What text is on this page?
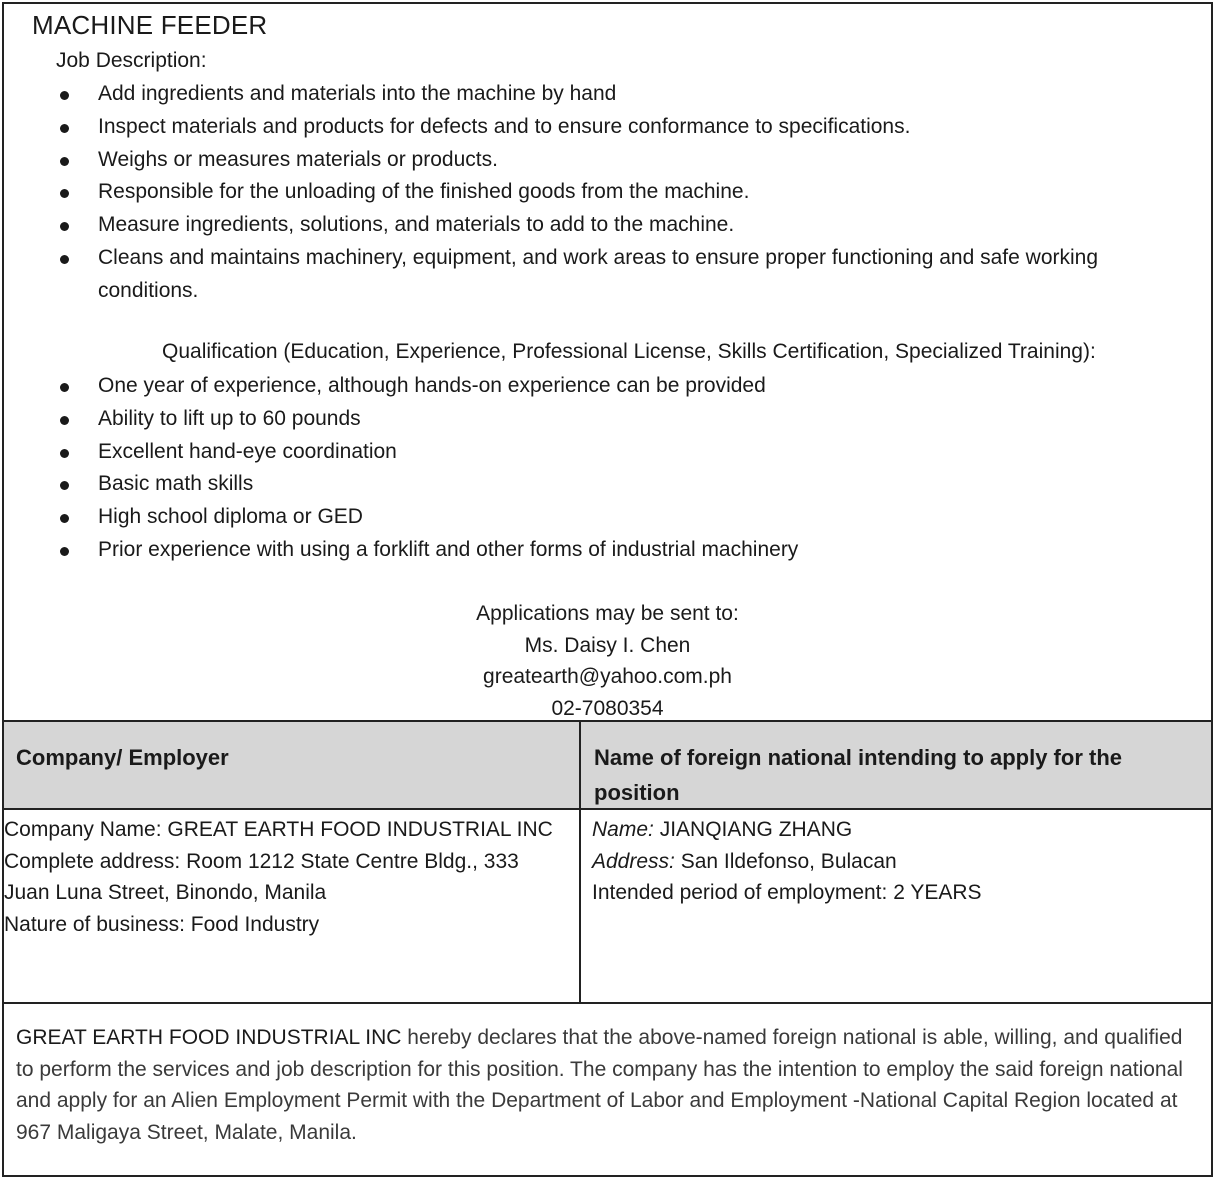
MACHINE FEEDER
Job Description:
Add ingredients and materials into the machine by hand
Inspect materials and products for defects and to ensure conformance to specifications.
Weighs or measures materials or products.
Responsible for the unloading of the finished goods from the machine.
Measure ingredients, solutions, and materials to add to the machine.
Cleans and maintains machinery, equipment, and work areas to ensure proper functioning and safe working conditions.
Qualification (Education, Experience, Professional License, Skills Certification, Specialized Training):
One year of experience, although hands-on experience can be provided
Ability to lift up to 60 pounds
Excellent hand-eye coordination
Basic math skills
High school diploma or GED
Prior experience with using a forklift and other forms of industrial machinery
Applications may be sent to:
Ms. Daisy I. Chen
greatearth@yahoo.com.ph
02-7080354
Company/ Employer	Name of foreign national intending to apply for the position
Company Name: GREAT EARTH FOOD INDUSTRIAL INC
Complete address: Room 1212 State Centre Bldg., 333
Juan Luna Street, Binondo, Manila
Nature of business: Food Industry
Name: JIANQIANG ZHANG
Address: San Ildefonso, Bulacan
Intended period of employment: 2 YEARS
GREAT EARTH FOOD INDUSTRIAL INC hereby declares that the above-named foreign national is able, willing, and qualified to perform the services and job description for this position. The company has the intention to employ the said foreign national and apply for an Alien Employment Permit with the Department of Labor and Employment -National Capital Region located at 967 Maligaya Street, Malate, Manila.
